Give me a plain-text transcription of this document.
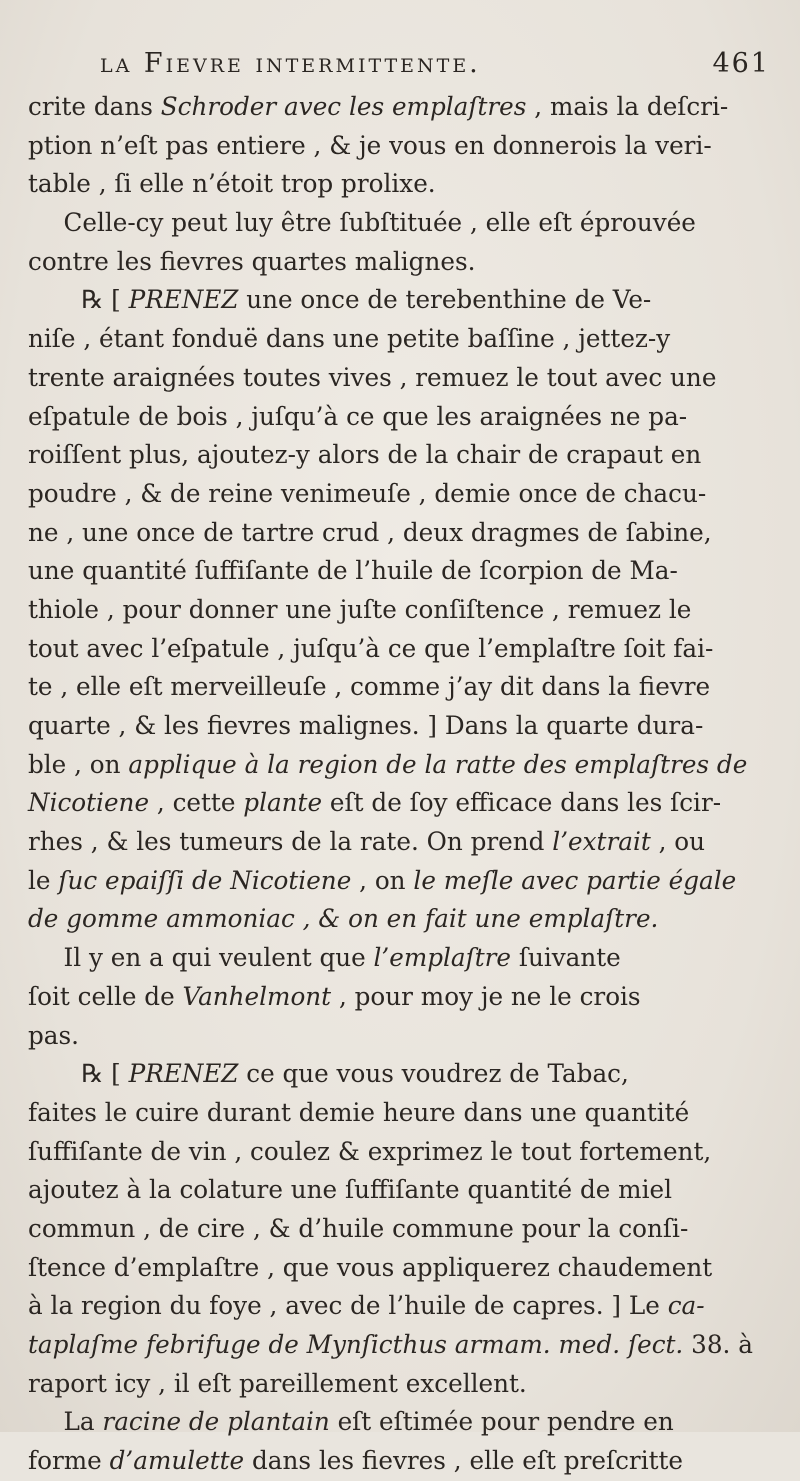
la Fievre intermittente.	461
crite dans Schroder avec les emplaſtres , mais la deſcri-
ption n’eſt pas entiere , & je vous en donnerois la veri-
table , ſi elle n’étoit trop prolixe.
Celle-cy peut luy être ſubſtituée , elle eſt éprouvée
contre les fievres quartes malignes.
℞ [ PRENEZ une once de terebenthine de Ve-
niſe , étant fonduë dans une petite baſſine , jettez-y
trente araignées toutes vives , remuez le tout avec une
eſpatule de bois , juſqu’à ce que les araignées ne pa-
roiſſent plus, ajoutez-y alors de la chair de crapaut en
poudre , & de reine venimeuſe , demie once de chacu-
ne , une once de tartre crud , deux dragmes de ſabine,
une quantité ſuffiſante de l’huile de ſcorpion de Ma-
thiole , pour donner une juſte conſiſtence , remuez le
tout avec l’eſpatule , juſqu’à ce que l’emplaſtre ſoit fai-
te , elle eſt merveilleuſe , comme j’ay dit dans la fievre
quarte , & les fievres malignes. ] Dans la quarte dura-
ble , on applique à la region de la ratte des emplaſtres de
Nicotiene , cette plante eſt de ſoy efficace dans les ſcir-
rhes , & les tumeurs de la rate. On prend l’extrait , ou
le ſuc epaiſſi de Nicotiene , on le meſle avec partie égale
de gomme ammoniac , & on en fait une emplaſtre.
Il y en a qui veulent que l’emplaſtre ſuivante
ſoit celle de Vanhelmont , pour moy je ne le crois
pas.
℞ [ PRENEZ ce que vous voudrez de Tabac,
faites le cuire durant demie heure dans une quantité
ſuffiſante de vin , coulez & exprimez le tout fortement,
ajoutez à la colature une ſuffiſante quantité de miel
commun , de cire , & d’huile commune pour la conſi-
ſtence d’emplaſtre , que vous appliquerez chaudement
à la region du foye , avec de l’huile de capres. ] Le ca-
taplaſme febrifuge de Mynſicthus armam. med. ſect. 38. à
raport icy , il eſt pareillement excellent.
La racine de plantain eſt eſtimée pour pendre en
forme d’amulette dans les fievres , elle eſt preſcritte
